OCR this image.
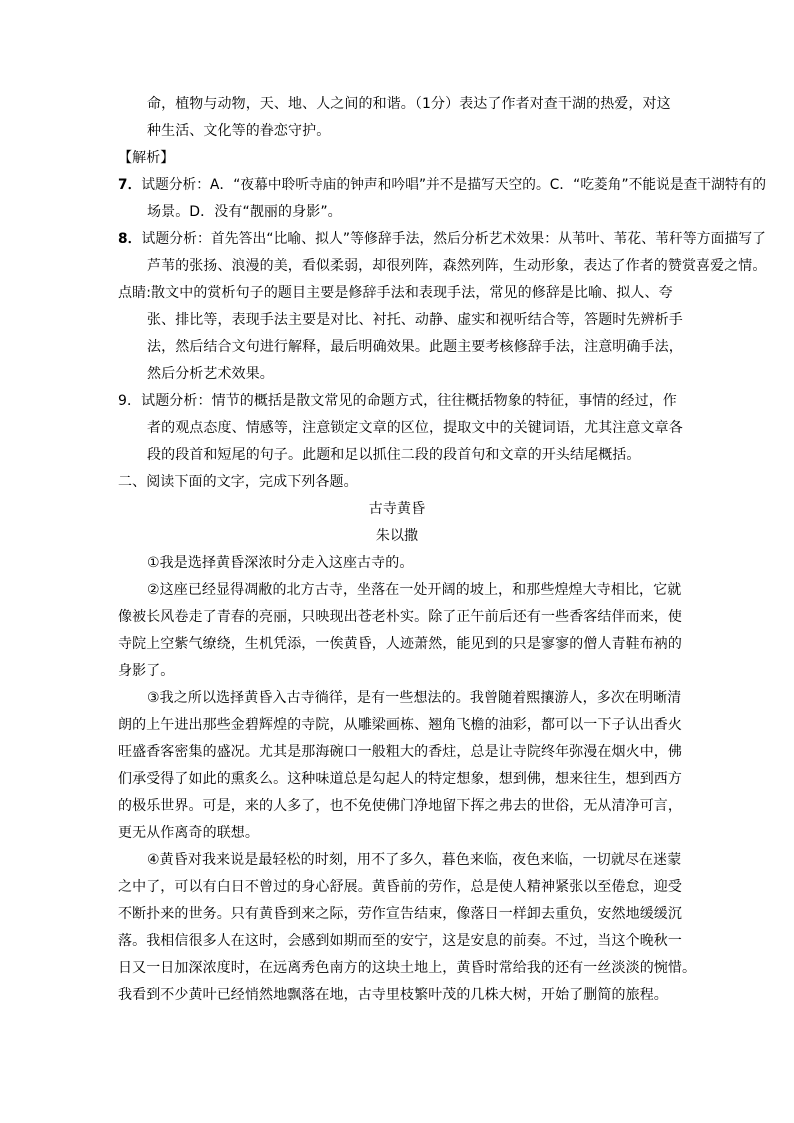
命，植物与动物，天、地、人之间的和谐。（1分）表达了作者对查干湖的热爱，对这
种生活、文化等的眷恋守护。
【解析】
7．试题分析：A．“夜幕中聆听寺庙的钟声和吟唱”并不是描写天空的。C．“吃菱角”不能说是查干湖特有的
场景。D．没有“靓丽的身影”。
8．试题分析：首先答出“比喻、拟人”等修辞手法，然后分析艺术效果：从苇叶、苇花、苇秆等方面描写了
芦苇的张扬、浪漫的美，看似柔弱，却很列阵，森然列阵，生动形象，表达了作者的赞赏喜爱之情。
点睛:散文中的赏析句子的题目主要是修辞手法和表现手法，常见的修辞是比喻、拟人、夸
张、排比等，表现手法主要是对比、衬托、动静、虚实和视听结合等，答题时先辨析手
法，然后结合文句进行解释，最后明确效果。此题主要考核修辞手法，注意明确手法，
然后分析艺术效果。
9．试题分析：情节的概括是散文常见的命题方式，往往概括物象的特征，事情的经过，作
者的观点态度、情感等，注意锁定文章的区位，提取文中的关键词语，尤其注意文章各
段的段首和短尾的句子。此题和足以抓住二段的段首句和文章的开头结尾概括。
二、阅读下面的文字，完成下列各题。
古寺黄昏
朱以撒
①我是选择黄昏深浓时分走入这座古寺的。
②这座已经显得凋敝的北方古寺，坐落在一处开阔的坡上，和那些煌煌大寺相比，它就
像被长风卷走了青春的亮丽，只映现出苍老朴实。除了正午前后还有一些香客结伴而来，使
寺院上空紫气缭绕，生机凭添，一俟黄昏，人迹萧然，能见到的只是寥寥的僧人青鞋布衲的
身影了。
③我之所以选择黄昏入古寺徜徉，是有一些想法的。我曾随着熙攘游人，多次在明晰清
朗的上午进出那些金碧辉煌的寺院，从雕梁画栋、翘角飞檐的油彩，都可以一下子认出香火
旺盛香客密集的盛况。尤其是那海碗口一般粗大的香炷，总是让寺院终年弥漫在烟火中，佛
们承受得了如此的熏炙么。这种味道总是勾起人的特定想象，想到佛，想来往生，想到西方
的极乐世界。可是，来的人多了，也不免使佛门净地留下挥之弗去的世俗，无从清净可言，
更无从作离奇的联想。
④黄昏对我来说是最轻松的时刻，用不了多久，暮色来临，夜色来临，一切就尽在迷蒙
之中了，可以有白日不曾过的身心舒展。黄昏前的劳作，总是使人精神紧张以至倦怠，迎受
不断扑来的世务。只有黄昏到来之际，劳作宣告结束，像落日一样卸去重负，安然地缓缓沉
落。我相信很多人在这时，会感到如期而至的安宁，这是安息的前奏。不过，当这个晚秋一
日又一日加深浓度时，在远离秀色南方的这块土地上，黄昏时常给我的还有一丝淡淡的惋惜。
我看到不少黄叶已经悄然地飘落在地，古寺里枝繁叶茂的几株大树，开始了删简的旅程。
